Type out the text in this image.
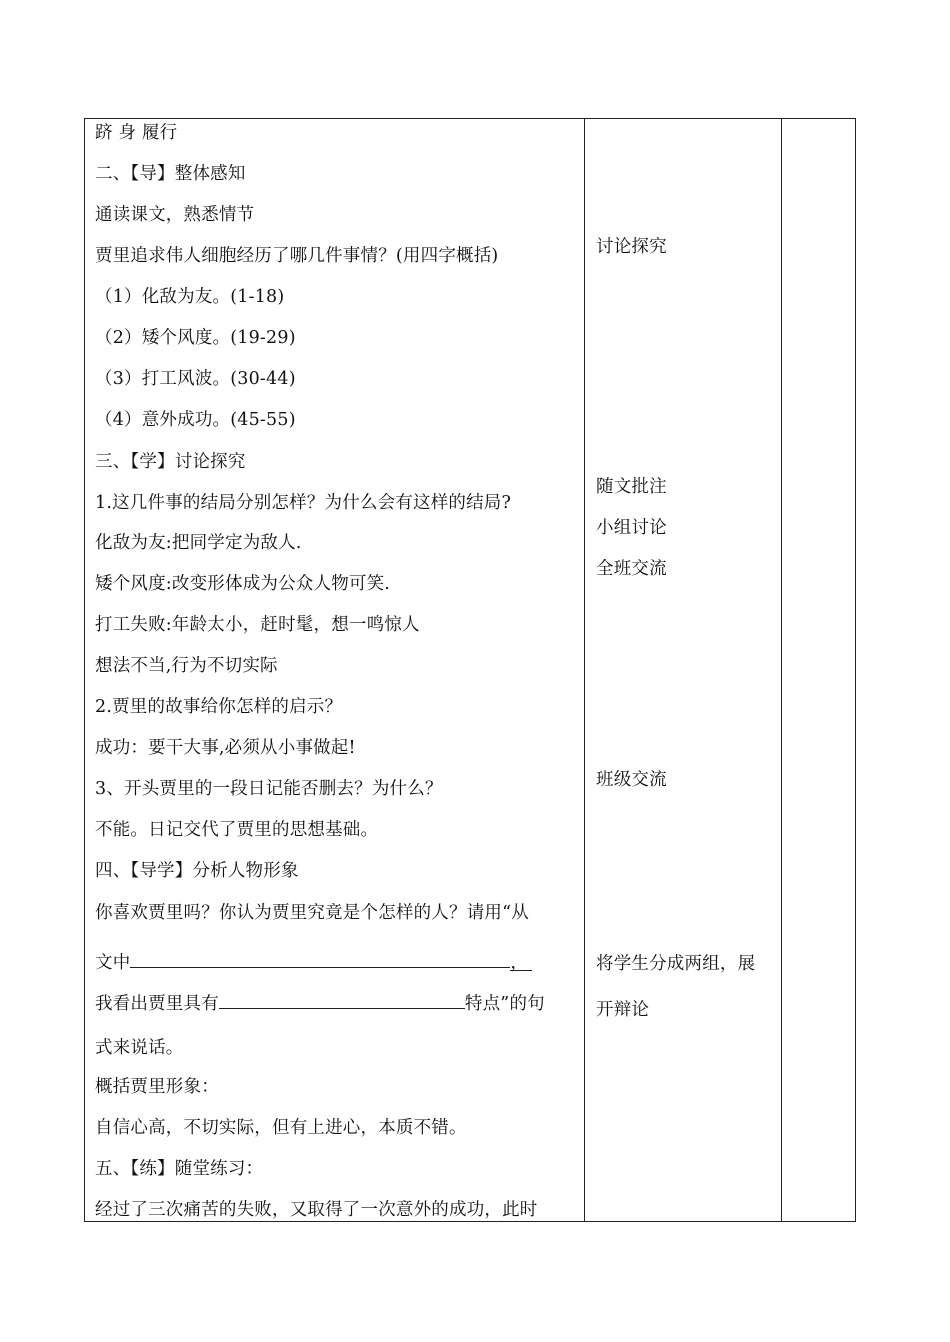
跻 身 履行
二、【导】整体感知
通读课文，熟悉情节
贾里追求伟人细胞经历了哪几件事情？(用四字概括)
（1）化敌为友。(1-18)
（2）矮个风度。(19-29)
（3）打工风波。(30-44)
（4）意外成功。(45-55)
三、【学】讨论探究
1.这几件事的结局分别怎样？为什么会有这样的结局?
化敌为友:把同学定为敌人.
矮个风度:改变形体成为公众人物可笑.
打工失败:年龄太小，赶时髦，想一鸣惊人
想法不当,行为不切实际
2.贾里的故事给你怎样的启示？
成功：要干大事,必须从小事做起!
3、开头贾里的一段日记能否删去？为什么？
不能。日记交代了贾里的思想基础。
四、【导学】分析人物形象
你喜欢贾里吗？你认为贾里究竟是个怎样的人？请用“从
文中	，
我看出贾里具有	特点”的句
式来说话。
概括贾里形象：
自信心高，不切实际，但有上进心，本质不错。
五、【练】随堂练习：
经过了三次痛苦的失败，又取得了一次意外的成功，此时
讨论探究
随文批注
小组讨论
全班交流
班级交流
将学生分成两组，展
开辩论
